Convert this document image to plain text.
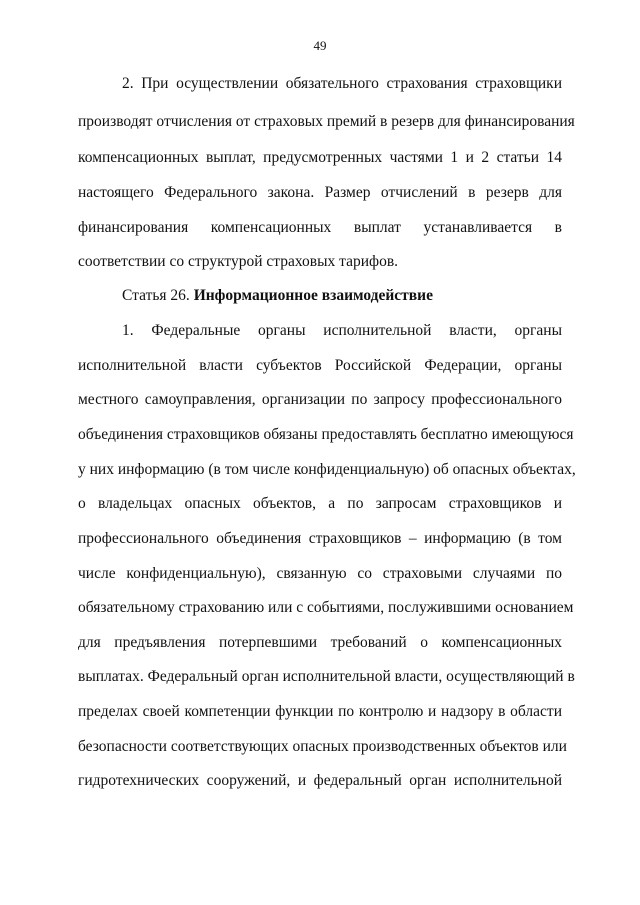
49
2. При осуществлении обязательного страхования страховщики
производят отчисления от страховых премий в резерв для финансирования
компенсационных выплат, предусмотренных частями 1 и 2 статьи 14
настоящего Федерального закона. Размер отчислений в резерв для
финансирования компенсационных выплат устанавливается в
соответствии со структурой страховых тарифов.
Статья 26. Информационное взаимодействие
1. Федеральные органы исполнительной власти, органы
исполнительной власти субъектов Российской Федерации, органы
местного самоуправления, организации по запросу профессионального
объединения страховщиков обязаны предоставлять бесплатно имеющуюся
у них информацию (в том числе конфиденциальную) об опасных объектах,
о владельцах опасных объектов, а по запросам страховщиков и
профессионального объединения страховщиков – информацию (в том
числе конфиденциальную), связанную со страховыми случаями по
обязательному страхованию или с событиями, послужившими основанием
для предъявления потерпевшими требований о компенсационных
выплатах. Федеральный орган исполнительной власти, осуществляющий в
пределах своей компетенции функции по контролю и надзору в области
безопасности соответствующих опасных производственных объектов или
гидротехнических сооружений, и федеральный орган исполнительной
